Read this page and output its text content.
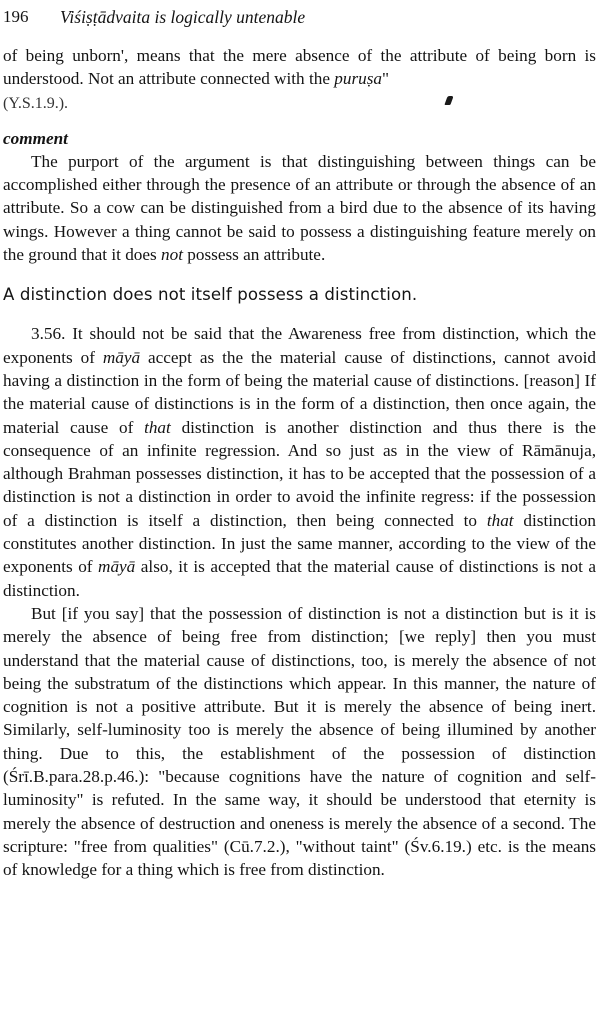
196 Viśiṣṭādvaita is logically untenable

of being unborn', means that the mere absence of the attribute of being born is understood. Not an attribute connected with the puruṣa"
(Y.S.1.9.).

comment

The purport of the argument is that distinguishing between things can be accomplished either through the presence of an attribute or through the absence of an attribute. So a cow can be distinguished from a bird due to the absence of its having wings. However a thing cannot be said to possess a distinguishing feature merely on the ground that it does not possess an attribute.

A distinction does not itself possess a distinction.

3.56. It should not be said that the Awareness free from distinction, which the exponents of māyā accept as the the material cause of distinctions, cannot avoid having a distinction in the form of being the material cause of distinctions. [reason] If the material cause of distinctions is in the form of a distinction, then once again, the material cause of that distinction is another distinction and thus there is the consequence of an infinite regression. And so just as in the view of Rāmānuja, although Brahman possesses distinction, it has to be accepted that the possession of a distinction is not a distinction in order to avoid the infinite regress: if the possession of a distinction is itself a distinction, then being connected to that distinction constitutes another distinction. In just the same manner, according to the view of the exponents of māyā also, it is accepted that the material cause of distinctions is not a distinction.

But [if you say] that the possession of distinction is not a distinction but is it is merely the absence of being free from distinction; [we reply] then you must understand that the material cause of distinctions, too, is merely the absence of not being the substratum of the distinctions which appear. In this manner, the nature of cognition is not a positive attribute. But it is merely the absence of being inert. Similarly, self-luminosity too is merely the absence of being illumined by another thing. Due to this, the establishment of the possession of distinction (Śrī.B.para.28.p.46.): "because cognitions have the nature of cognition and self-luminosity" is refuted. In the same way, it should be understood that eternity is merely the absence of destruction and oneness is merely the absence of a second. The scripture: "free from qualities" (Cū.7.2.), "without taint" (Śv.6.19.) etc. is the means of knowledge for a thing which is free from distinction.
